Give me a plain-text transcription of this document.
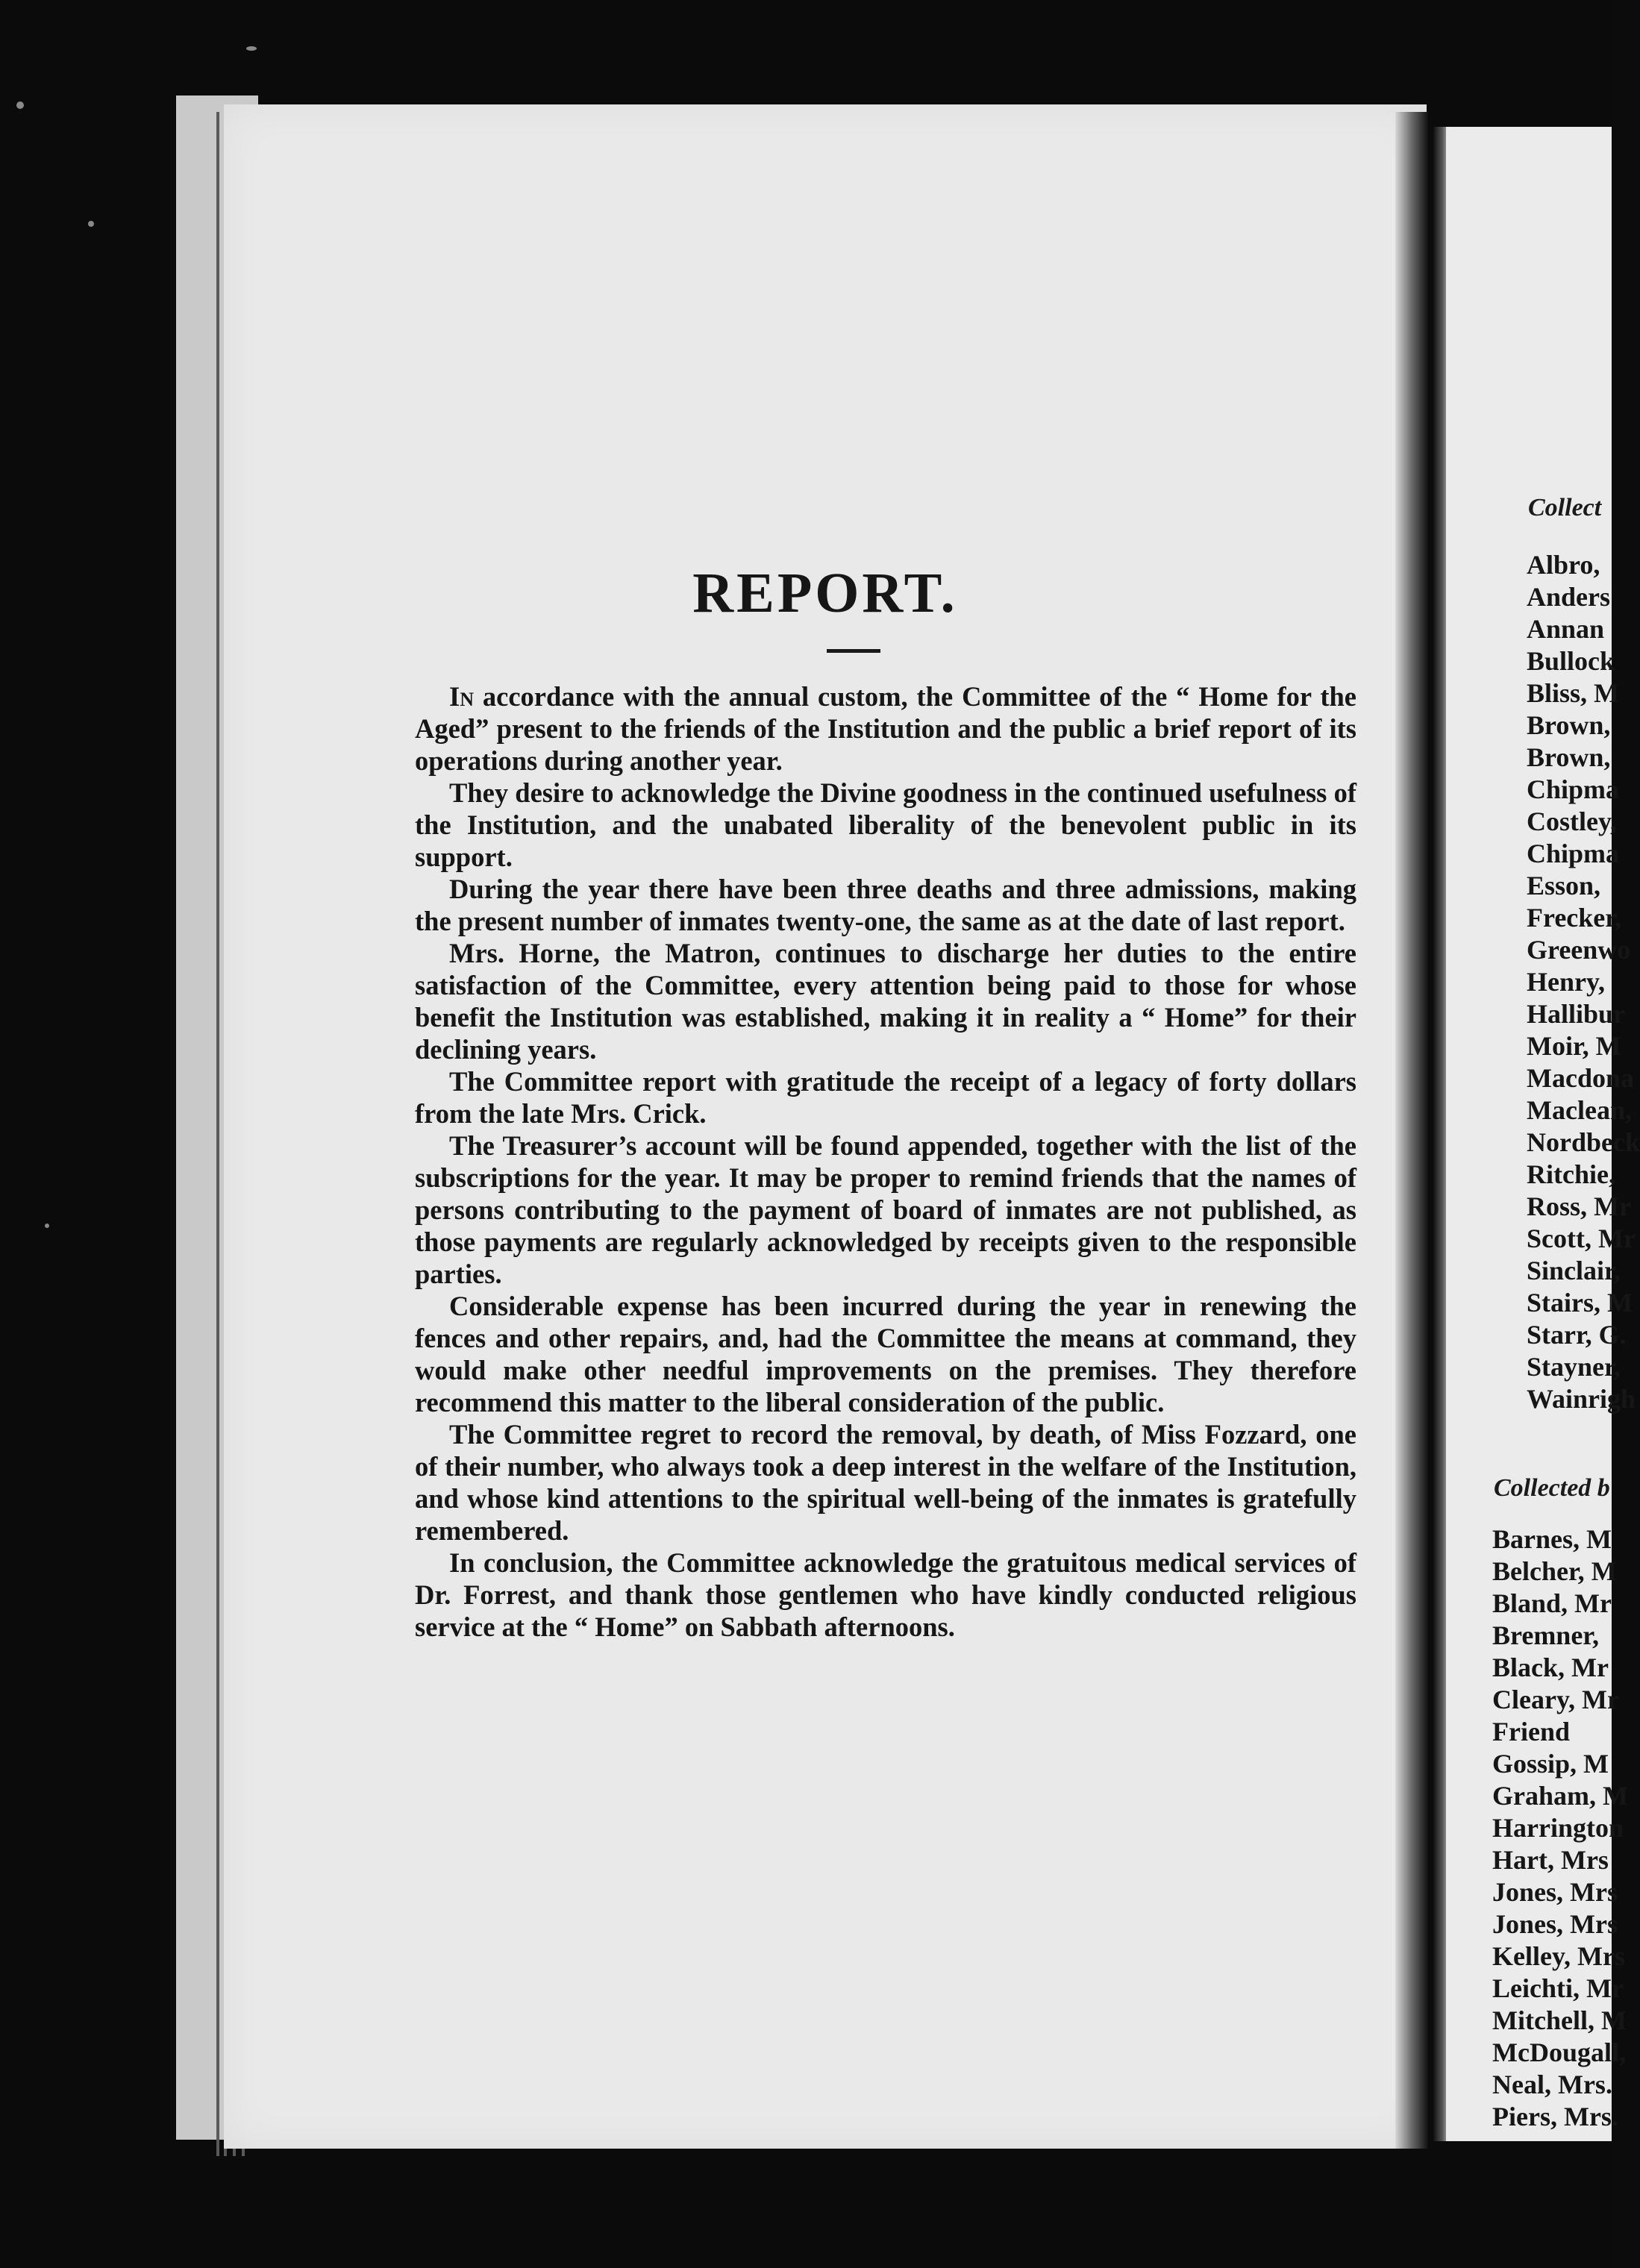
REPORT.

In accordance with the annual custom, the Committee of the “ Home for the Aged” present to the friends of the Institution and the public a brief report of its operations during another year.

They desire to acknowledge the Divine goodness in the continued usefulness of the Institution, and the unabated liberality of the benevolent public in its support.

During the year there have been three deaths and three admissions, making the present number of inmates twenty-one, the same as at the date of last report.

Mrs. Horne, the Matron, continues to discharge her duties to the entire satisfaction of the Committee, every attention being paid to those for whose benefit the Institution was established, making it in reality a “ Home” for their declining years.

The Committee report with gratitude the receipt of a legacy of forty dollars from the late Mrs. Crick.

The Treasurer’s account will be found appended, together with the list of the subscriptions for the year. It may be proper to remind friends that the names of persons contributing to the payment of board of inmates are not published, as those payments are regularly acknowledged by receipts given to the responsible parties.

Considerable expense has been incurred during the year in renewing the fences and other repairs, and, had the Committee the means at command, they would make other needful improvements on the premises. They therefore recommend this matter to the liberal consideration of the public.

The Committee regret to record the removal, by death, of Miss Fozzard, one of their number, who always took a deep interest in the welfare of the Institution, and whose kind attentions to the spiritual well-being of the inmates is gratefully remembered.

In conclusion, the Committee acknowledge the gratuitous medical services of Dr. Forrest, and thank those gentlemen who have kindly conducted religious service at the “ Home” on Sabbath afternoons.

Collect
Albro,
Anders
Annan
Bullock
Bliss, M
Brown,
Brown,
Chipma
Costley,
Chipma
Esson,
Frecker,
Greenwo
Henry,
Hallibur
Moir, M
Macdona
Maclean,
Nordbeck
Ritchie,
Ross, Mr
Scott, Mr
Sinclair,
Stairs, M
Starr, G.
Stayner,
Wainrigh
Collected b
Barnes, M
Belcher, M
Bland, Mr
Bremner,
Black, Mr
Cleary, Mr
Friend
Gossip, M
Graham, M
Harrington
Hart, Mrs
Jones, Mrs
Jones, Mrs
Kelley, Mrs
Leichti, Mr
Mitchell, M
McDougall,
Neal, Mrs.
Piers, Mrs.
